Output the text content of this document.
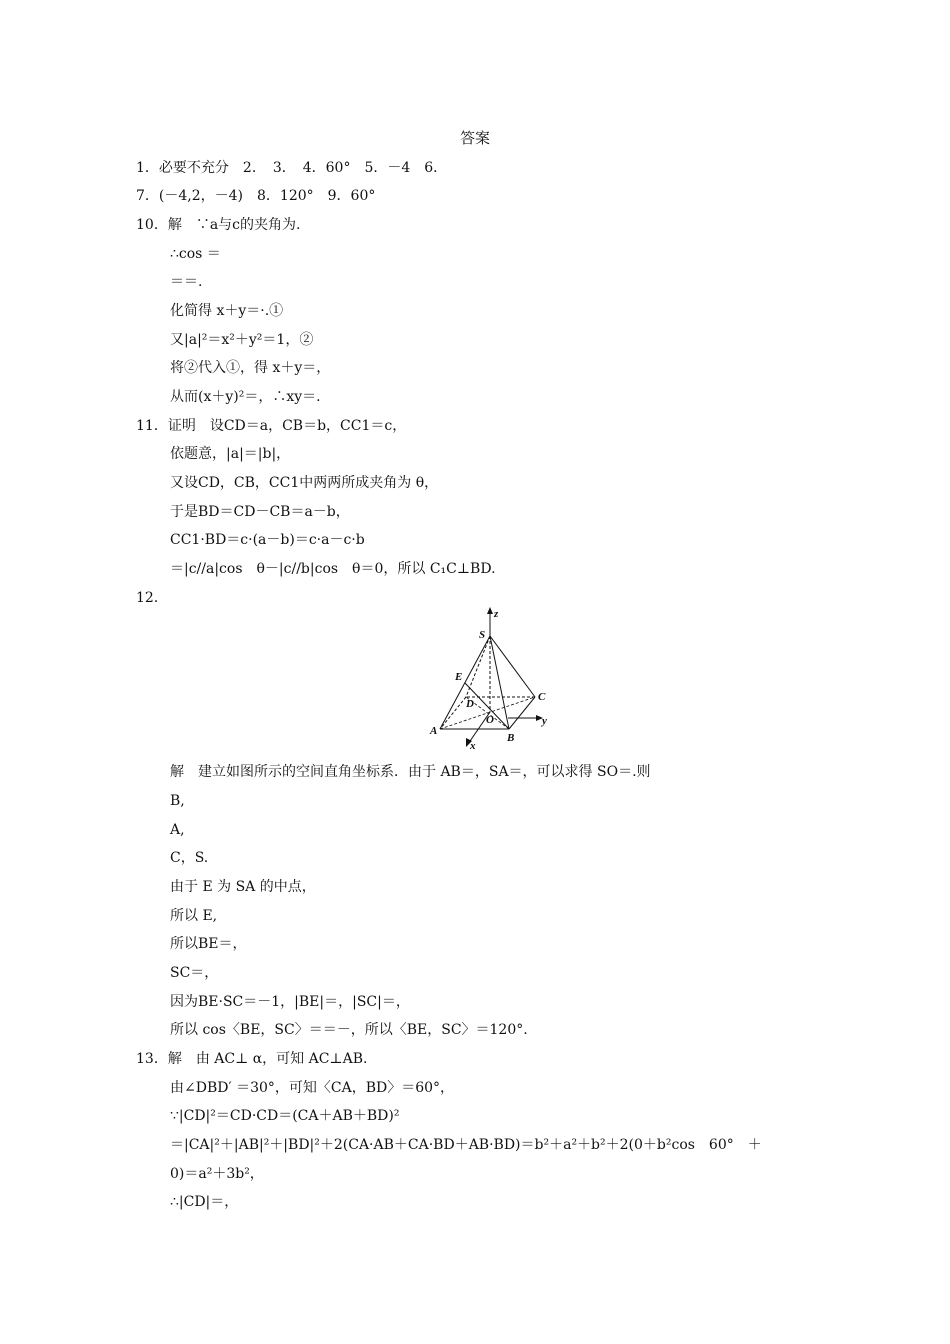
答案
1．必要不充分　2．　3．　4．60°　5．－4　6．
7．(－4,2，－4)　8．120°　9．60°
10．解　∵a与c的夹角为.
∴cos ＝
＝＝.
化简得 x＋y＝·.①
又|a|²＝x²＋y²＝1，②
将②代入①，得 x＋y＝，
从而(x＋y)²＝，∴xy＝.
11．证明　设CD＝a，CB＝b，CC1＝c，
依题意，|a|＝|b|，
又设CD，CB，CC1中两两所成夹角为 θ，
于是BD＝CD－CB＝a－b，
CC1·BD＝c·(a－b)＝c·a－c·b
＝|c//a|cos　θ－|c//b|cos　θ＝0，所以 C₁C⊥BD.
12．
解　建立如图所示的空间直角坐标系．由于 AB＝，SA＝，可以求得 SO＝.则
B,
A,
C，S.
由于 E 为 SA 的中点，
所以 E,
所以BE＝，
SC＝，
因为BE·SC＝－1，|BE|＝，|SC|＝，
所以 cos〈BE，SC〉＝＝－，所以〈BE，SC〉＝120°.
13．解　由 AC⊥ α，可知 AC⊥AB.
由∠DBD′ ＝30°，可知〈CA，BD〉＝60°，
∵|CD|²＝CD·CD＝(CA＋AB＋BD)²
＝|CA|²＋|AB|²＋|BD|²＋2(CA·AB＋CA·BD＋AB·BD)＝b²＋a²＋b²＋2(0＋b²cos　60°　＋
0)＝a²＋3b²，
∴|CD|＝，
z
S
E
D
O
C
y
A
B
x
